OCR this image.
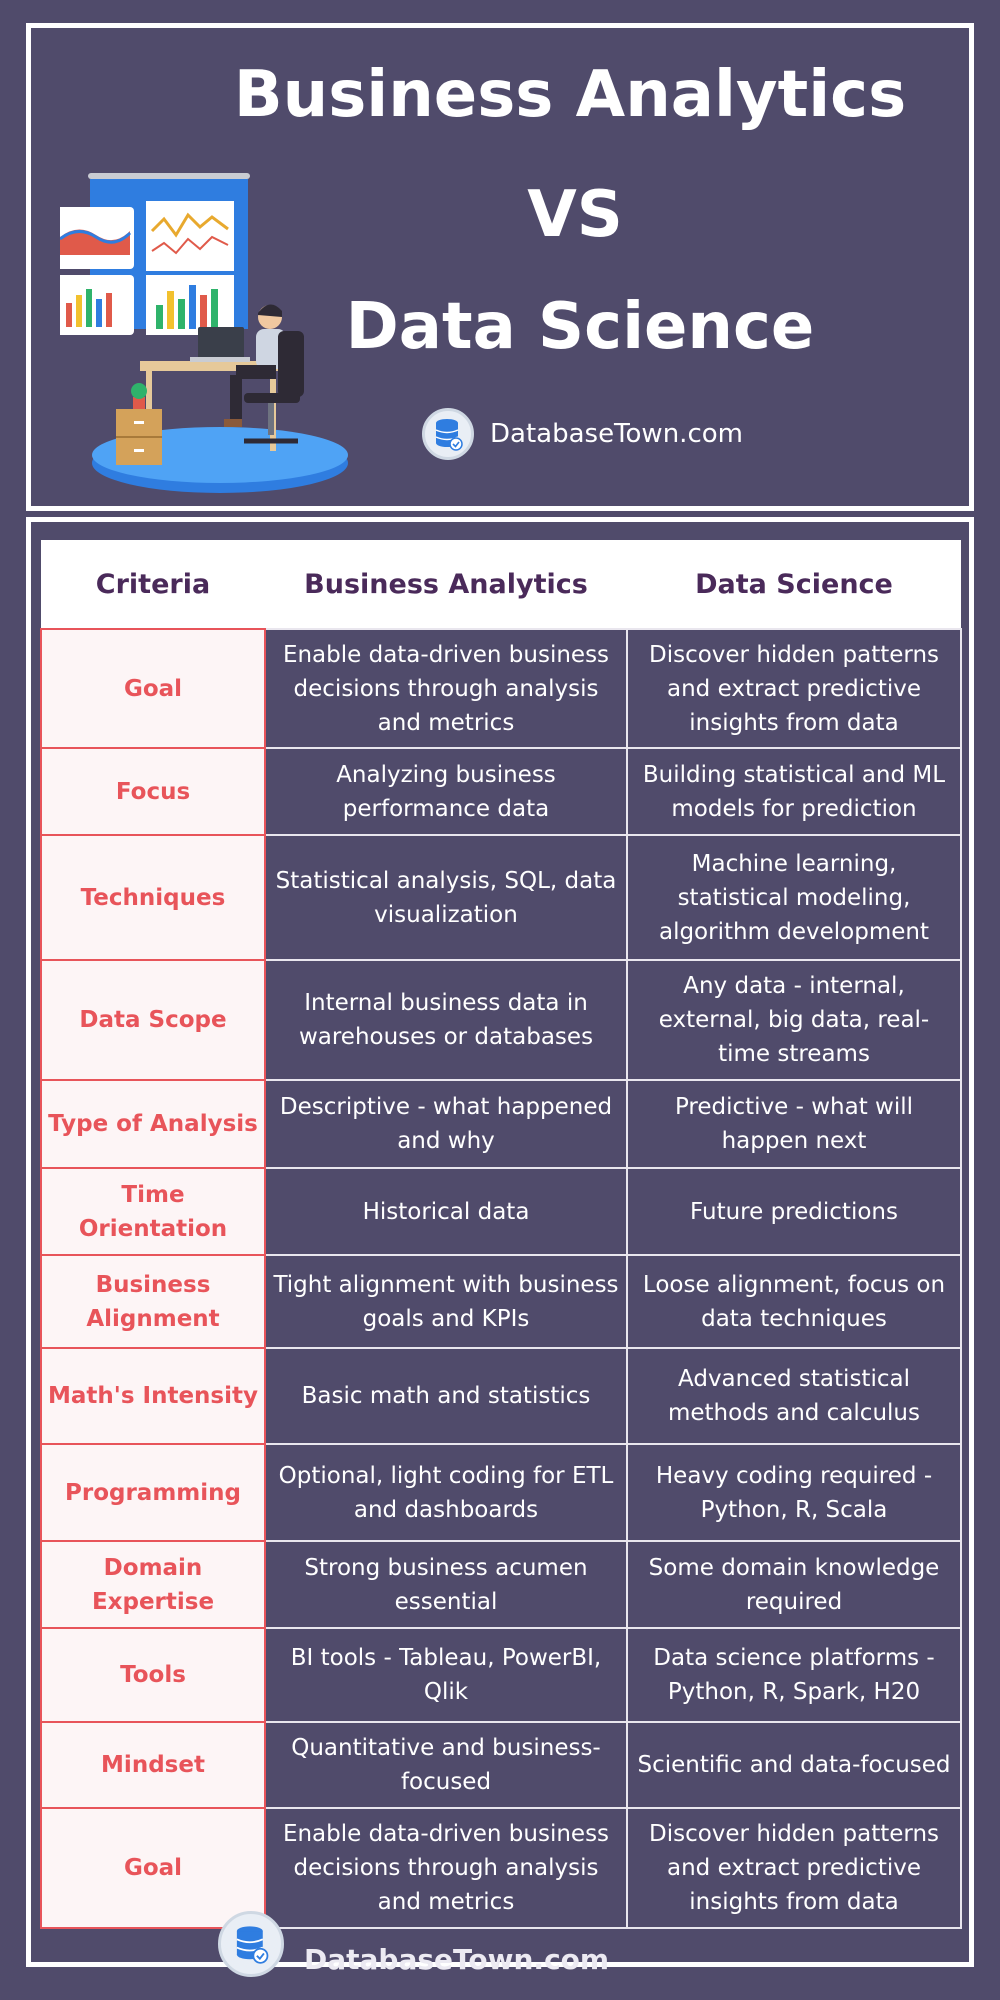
Business Analytics
VS
Data Science
DatabaseTown.com
Criteria	Business Analytics	Data Science
Goal	Enable data-driven business decisions through analysis and metrics	Discover hidden patterns and extract predictive insights from data
Focus	Analyzing business performance data	Building statistical and ML models for prediction
Techniques	Statistical analysis, SQL, data visualization	Machine learning, statistical modeling, algorithm development
Data Scope	Internal business data in warehouses or databases	Any data - internal, external, big data, real-time streams
Type of Analysis	Descriptive - what happened and why	Predictive - what will happen next
Time Orientation	Historical data	Future predictions
Business Alignment	Tight alignment with business goals and KPIs	Loose alignment, focus on data techniques
Math's Intensity	Basic math and statistics	Advanced statistical methods and calculus
Programming	Optional, light coding for ETL and dashboards	Heavy coding required - Python, R, Scala
Domain Expertise	Strong business acumen essential	Some domain knowledge required
Tools	BI tools - Tableau, PowerBI, Qlik	Data science platforms - Python, R, Spark, H20
Mindset	Quantitative and business-focused	Scientific and data-focused
Goal	Enable data-driven business decisions through analysis and metrics	Discover hidden patterns and extract predictive insights from data
DatabaseTown.com
